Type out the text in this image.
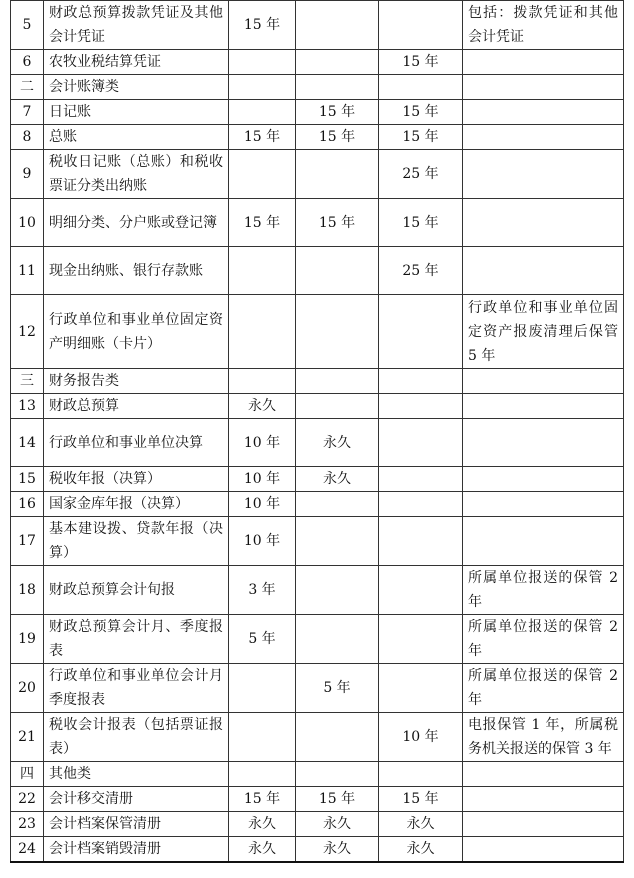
5	财政总预算拨款凭证及其他会计凭证	15 年			包括：拨款凭证和其他会计凭证
6	农牧业税结算凭证			15 年	
二	会计账簿类				
7	日记账		15 年	15 年	
8	总账	15 年	15 年	15 年	
9	税收日记账（总账）和税收票证分类出纳账			25 年	
10	明细分类、分户账或登记簿	15 年	15 年	15 年	
11	现金出纳账、银行存款账			25 年	
12	行政单位和事业单位固定资产明细账（卡片）				行政单位和事业单位固定资产报废清理后保管 5 年
三	财务报告类				
13	财政总预算	永久			
14	行政单位和事业单位决算	10 年	永久		
15	税收年报（决算）	10 年	永久		
16	国家金库年报（决算）	10 年			
17	基本建设拨、贷款年报（决算）	10 年			
18	财政总预算会计旬报	3 年			所属单位报送的保管 2 年
19	财政总预算会计月、季度报表	5 年			所属单位报送的保管 2 年
20	行政单位和事业单位会计月季度报表		5 年		所属单位报送的保管 2 年
21	税收会计报表（包括票证报表）			10 年	电报保管 1 年，所属税务机关报送的保管 3 年
四	其他类				
22	会计移交清册	15 年	15 年	15 年	
23	会计档案保管清册	永久	永久	永久	
24	会计档案销毁清册	永久	永久	永久	
